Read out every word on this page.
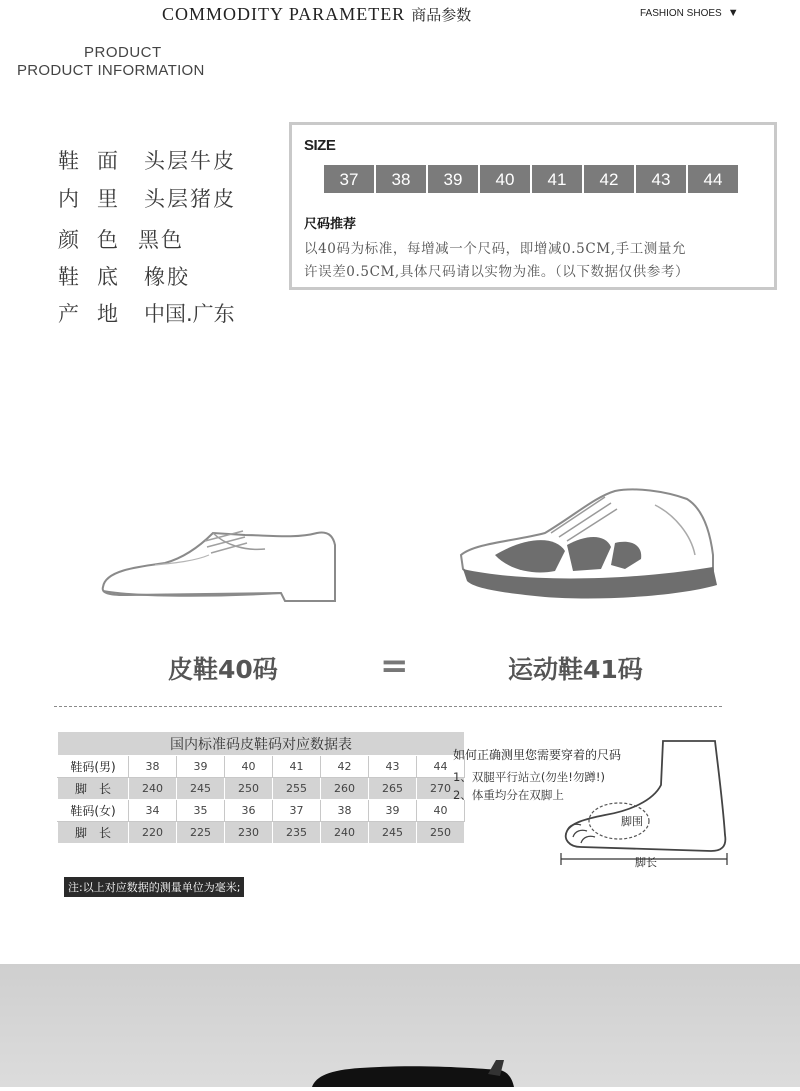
COMMODITY PARAMETER 商品参数	FASHION SHOES ▼
PRODUCT
PRODUCT INFORMATION
鞋面 头层牛皮
内里 头层猪皮
颜色黑色
鞋底 橡胶
产地 中国.广东
SIZE
37	38	39	40	41	42	43	44
尺码推荐
以40码为标准，每增减一个尺码，即增减0.5CM,手工测量允
许误差0.5CM,具体尺码请以实物为准。（以下数据仅供参考）
皮鞋40码	=	运动鞋41码
国内标准码皮鞋码对应数据表							
鞋码(男)	38	39	40	41	42	43	44
脚　长	240	245	250	255	260	265	270
鞋码(女)	34	35	36	37	38	39	40
脚　长	220	225	230	235	240	245	250
注:以上对应数据的测量单位为毫米;
如何正确测里您需要穿着的尺码
1、双腿平行站立(勿坐!勿蹲!)
2、体重均分在双脚上
脚围
脚长
